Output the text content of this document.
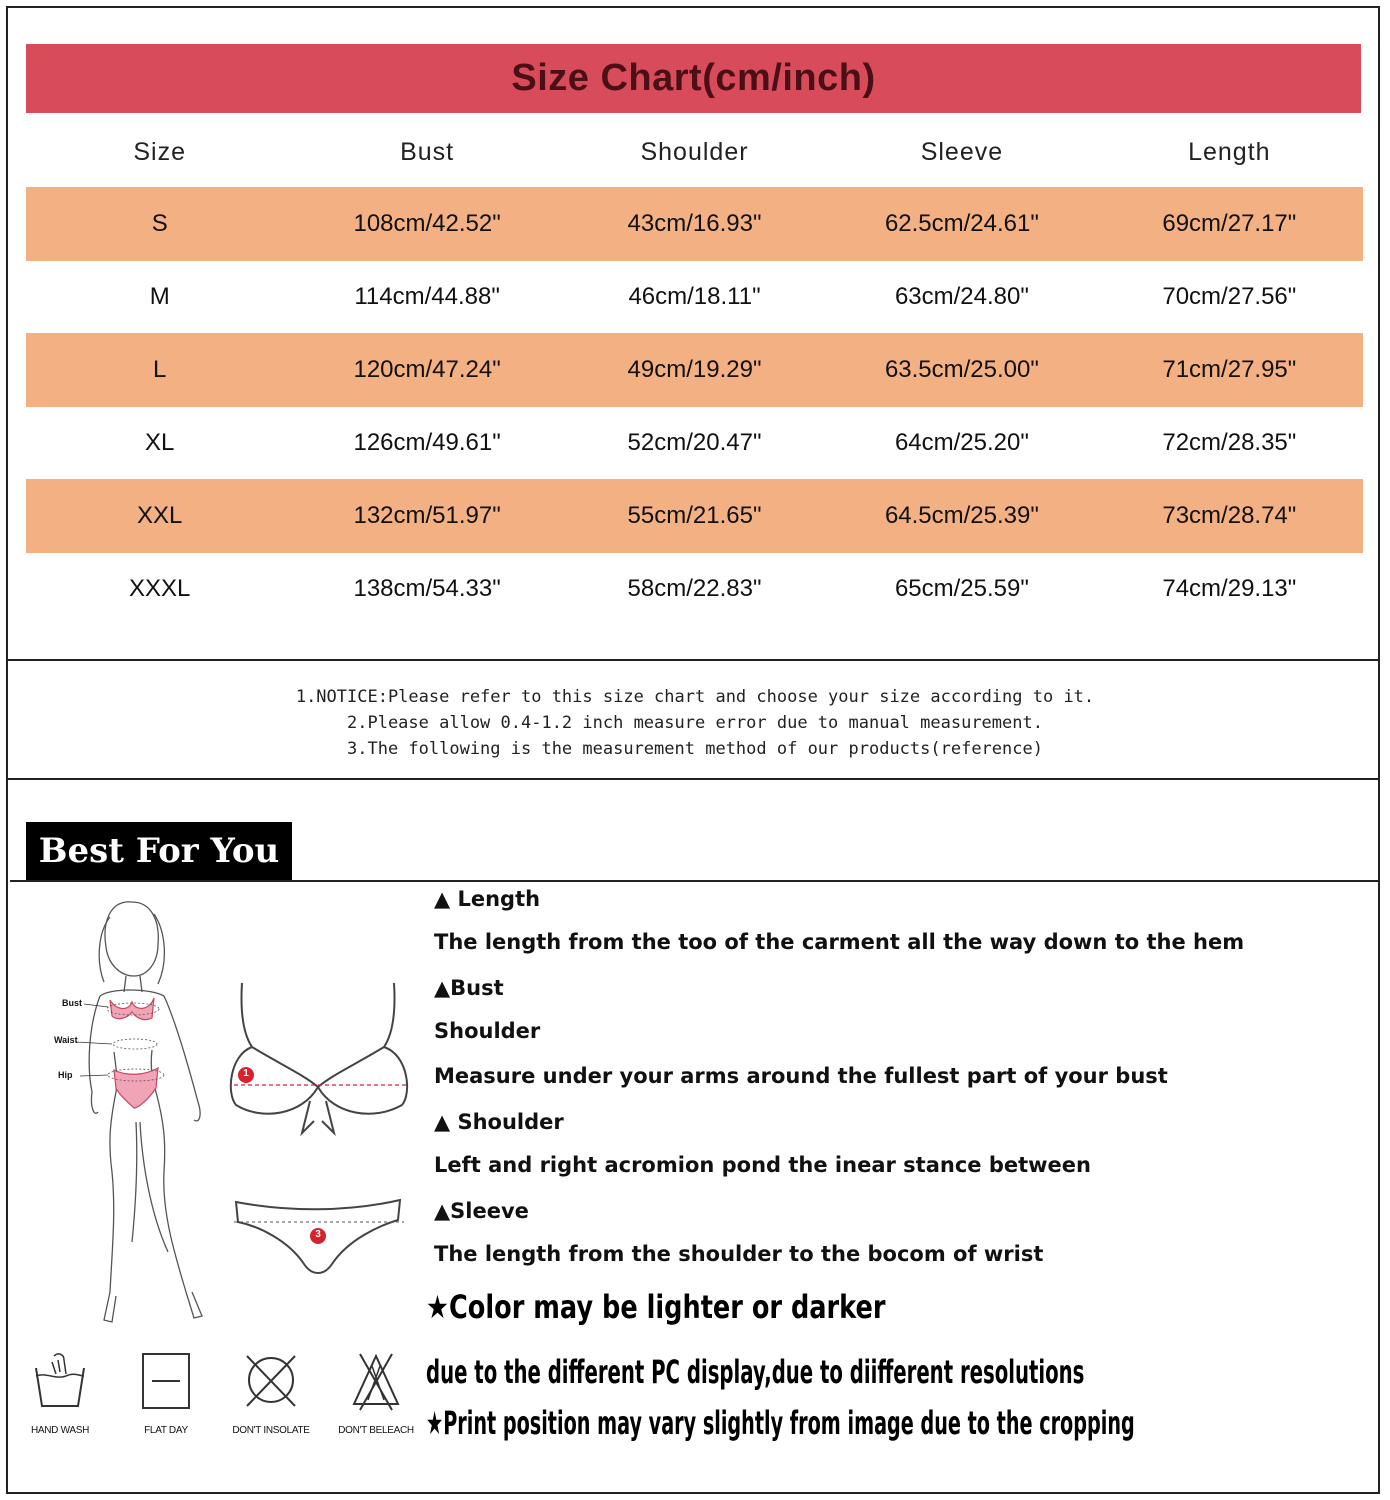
Size Chart(cm/inch)
Size	Bust	Shoulder	Sleeve	Length
S	108cm/42.52"	43cm/16.93"	62.5cm/24.61"	69cm/27.17"
M	114cm/44.88"	46cm/18.11"	63cm/24.80"	70cm/27.56"
L	120cm/47.24"	49cm/19.29"	63.5cm/25.00"	71cm/27.95"
XL	126cm/49.61"	52cm/20.47"	64cm/25.20"	72cm/28.35"
XXL	132cm/51.97"	55cm/21.65"	64.5cm/25.39"	73cm/28.74"
XXXL	138cm/54.33"	58cm/22.83"	65cm/25.59"	74cm/29.13"
1.NOTICE:Please refer to this size chart and choose your size according to it.
2.Please allow 0.4-1.2 inch measure error due to manual measurement.
3.The following is the measurement method of our products(reference)
Best For You
Bust
Waist
Hip	1
3
▲ Length
The length from the too of the carment all the way down to the hem
▲Bust
Shoulder
Measure under your arms around the fullest part of your bust
▲ Shoulder
Left and right acromion pond the inear stance between
▲Sleeve
The length from the shoulder to the bocom of wrist
★Color may be lighter or darker
due to the different PC display,due to diifferent resolutions
★Print position may vary slightly from image due to the cropping
HAND WASH	FLAT DAY	DON'T INSOLATE	DON'T BELEACH
